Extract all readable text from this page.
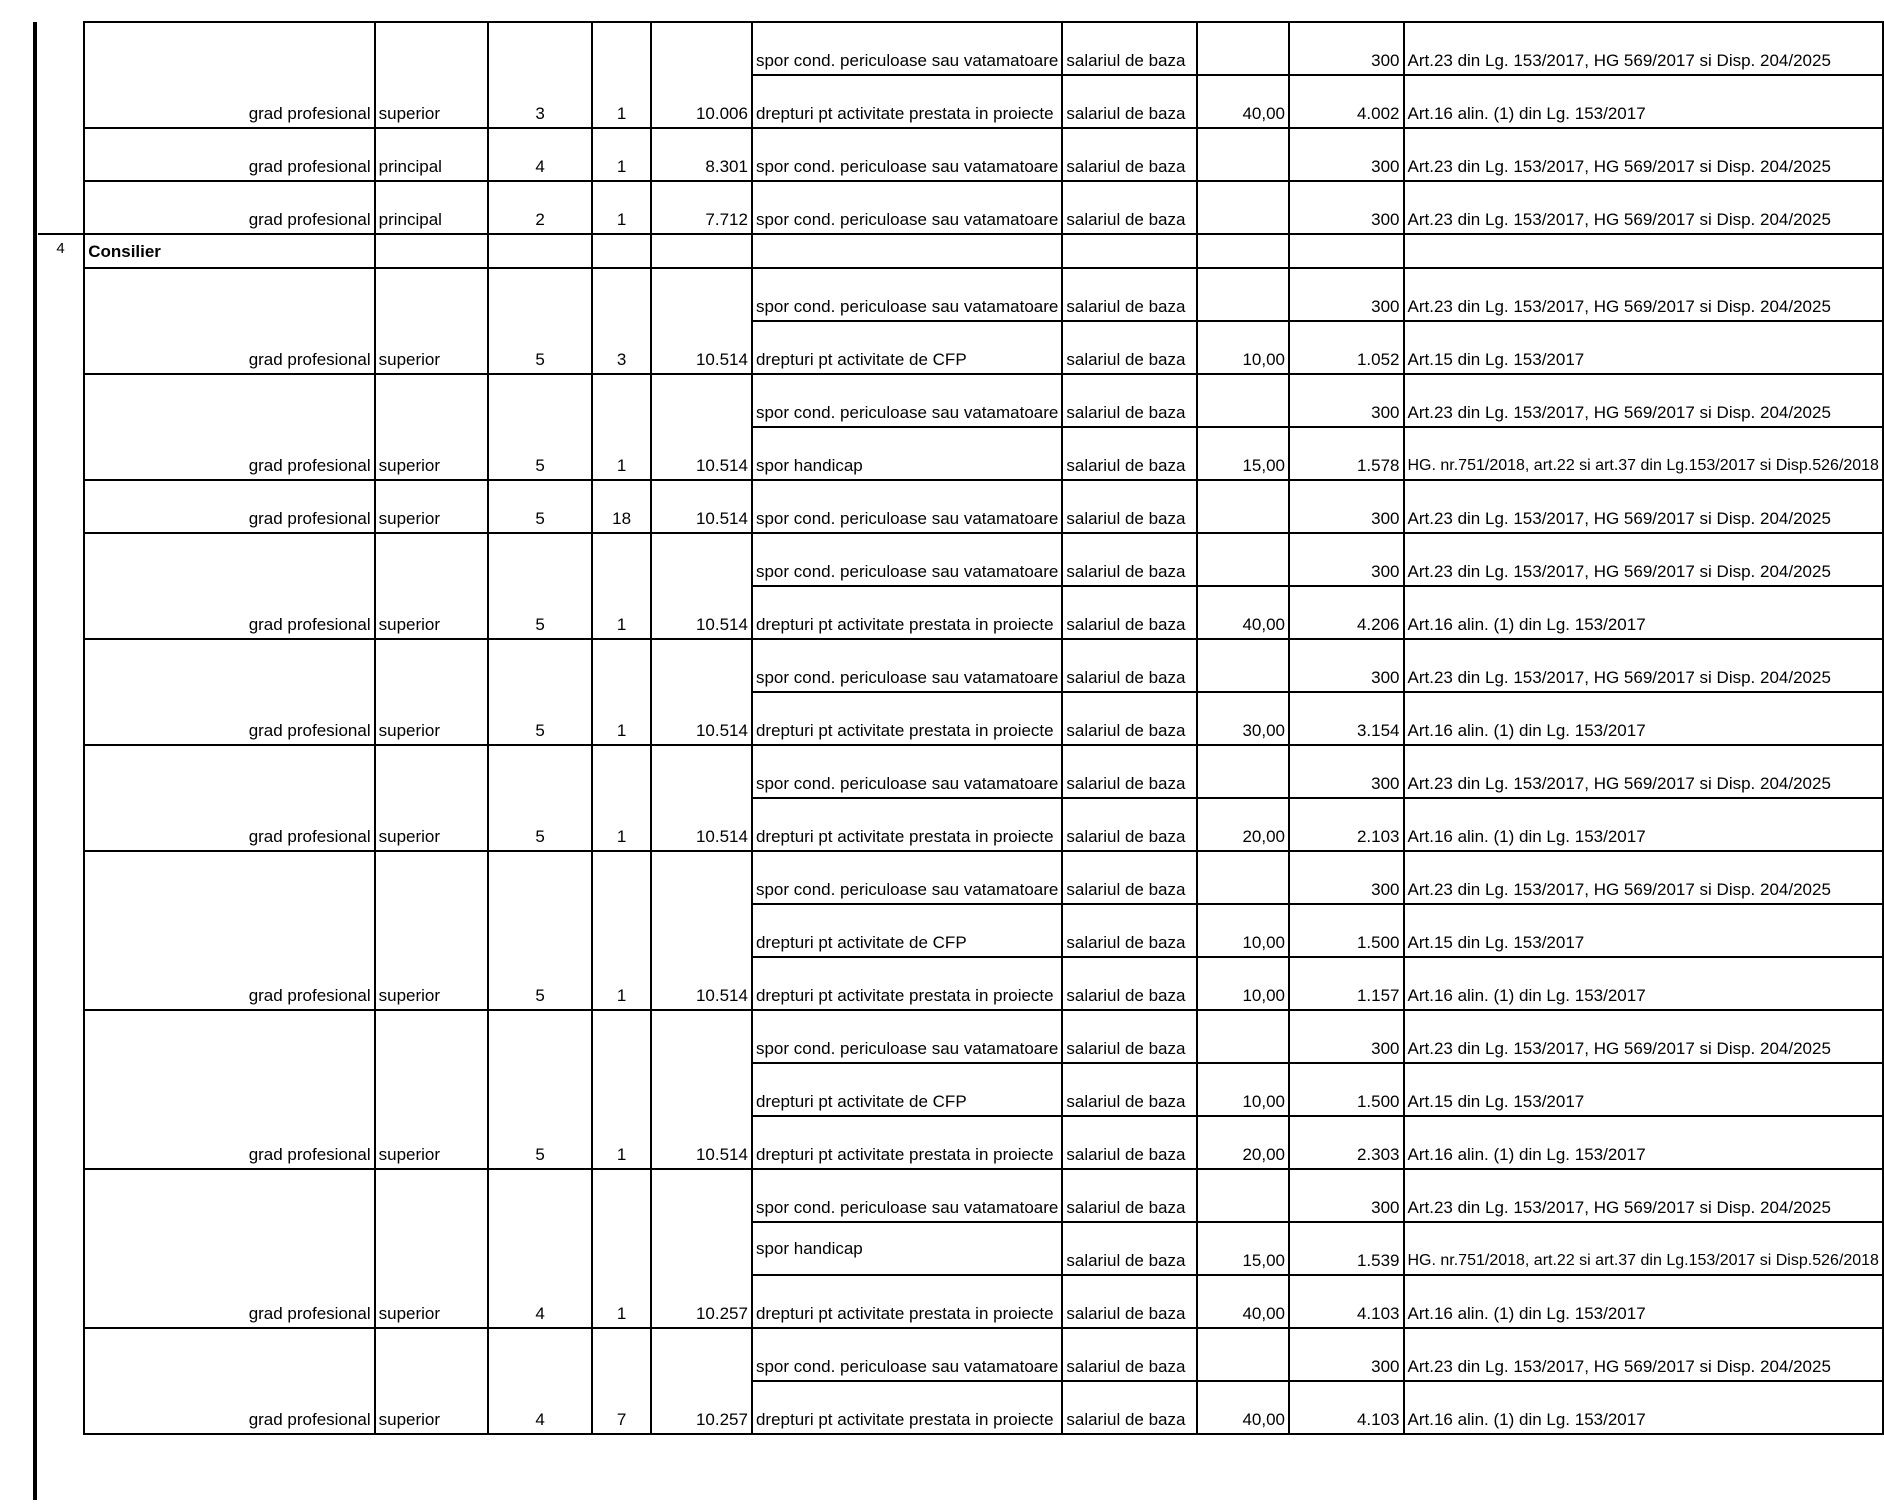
						spor cond. periculoase sau vatamatoare	salariul de baza		300	Art.23 din Lg. 153/2017, HG 569/2017 si Disp. 204/2025
	grad profesional	superior	3	1	10.006	drepturi pt activitate prestata in proiecte	salariul de baza	40,00	4.002	Art.16 alin. (1) din Lg. 153/2017
	grad profesional	principal	4	1	8.301	spor cond. periculoase sau vatamatoare	salariul de baza		300	Art.23 din Lg. 153/2017, HG 569/2017 si Disp. 204/2025
	grad profesional	principal	2	1	7.712	spor cond. periculoase sau vatamatoare	salariul de baza		300	Art.23 din Lg. 153/2017, HG 569/2017 si Disp. 204/2025
4	Consilier									
						spor cond. periculoase sau vatamatoare	salariul de baza		300	Art.23 din Lg. 153/2017, HG 569/2017 si Disp. 204/2025
	grad profesional	superior	5	3	10.514	drepturi pt activitate de CFP	salariul de baza	10,00	1.052	Art.15 din Lg. 153/2017
						spor cond. periculoase sau vatamatoare	salariul de baza		300	Art.23 din Lg. 153/2017, HG 569/2017 si Disp. 204/2025
	grad profesional	superior	5	1	10.514	spor handicap	salariul de baza	15,00	1.578	HG. nr.751/2018, art.22 si art.37 din Lg.153/2017 si Disp.526/2018
	grad profesional	superior	5	18	10.514	spor cond. periculoase sau vatamatoare	salariul de baza		300	Art.23 din Lg. 153/2017, HG 569/2017 si Disp. 204/2025
						spor cond. periculoase sau vatamatoare	salariul de baza		300	Art.23 din Lg. 153/2017, HG 569/2017 si Disp. 204/2025
	grad profesional	superior	5	1	10.514	drepturi pt activitate prestata in proiecte	salariul de baza	40,00	4.206	Art.16 alin. (1) din Lg. 153/2017
						spor cond. periculoase sau vatamatoare	salariul de baza		300	Art.23 din Lg. 153/2017, HG 569/2017 si Disp. 204/2025
	grad profesional	superior	5	1	10.514	drepturi pt activitate prestata in proiecte	salariul de baza	30,00	3.154	Art.16 alin. (1) din Lg. 153/2017
						spor cond. periculoase sau vatamatoare	salariul de baza		300	Art.23 din Lg. 153/2017, HG 569/2017 si Disp. 204/2025
	grad profesional	superior	5	1	10.514	drepturi pt activitate prestata in proiecte	salariul de baza	20,00	2.103	Art.16 alin. (1) din Lg. 153/2017
						spor cond. periculoase sau vatamatoare	salariul de baza		300	Art.23 din Lg. 153/2017, HG 569/2017 si Disp. 204/2025
						drepturi pt activitate de CFP	salariul de baza	10,00	1.500	Art.15 din Lg. 153/2017
	grad profesional	superior	5	1	10.514	drepturi pt activitate prestata in proiecte	salariul de baza	10,00	1.157	Art.16 alin. (1) din Lg. 153/2017
						spor cond. periculoase sau vatamatoare	salariul de baza		300	Art.23 din Lg. 153/2017, HG 569/2017 si Disp. 204/2025
						drepturi pt activitate de CFP	salariul de baza	10,00	1.500	Art.15 din Lg. 153/2017
	grad profesional	superior	5	1	10.514	drepturi pt activitate prestata in proiecte	salariul de baza	20,00	2.303	Art.16 alin. (1) din Lg. 153/2017
						spor cond. periculoase sau vatamatoare	salariul de baza		300	Art.23 din Lg. 153/2017, HG 569/2017 si Disp. 204/2025
						spor handicap	salariul de baza	15,00	1.539	HG. nr.751/2018, art.22 si art.37 din Lg.153/2017 si Disp.526/2018
	grad profesional	superior	4	1	10.257	drepturi pt activitate prestata in proiecte	salariul de baza	40,00	4.103	Art.16 alin. (1) din Lg. 153/2017
						spor cond. periculoase sau vatamatoare	salariul de baza		300	Art.23 din Lg. 153/2017, HG 569/2017 si Disp. 204/2025
	grad profesional	superior	4	7	10.257	drepturi pt activitate prestata in proiecte	salariul de baza	40,00	4.103	Art.16 alin. (1) din Lg. 153/2017
